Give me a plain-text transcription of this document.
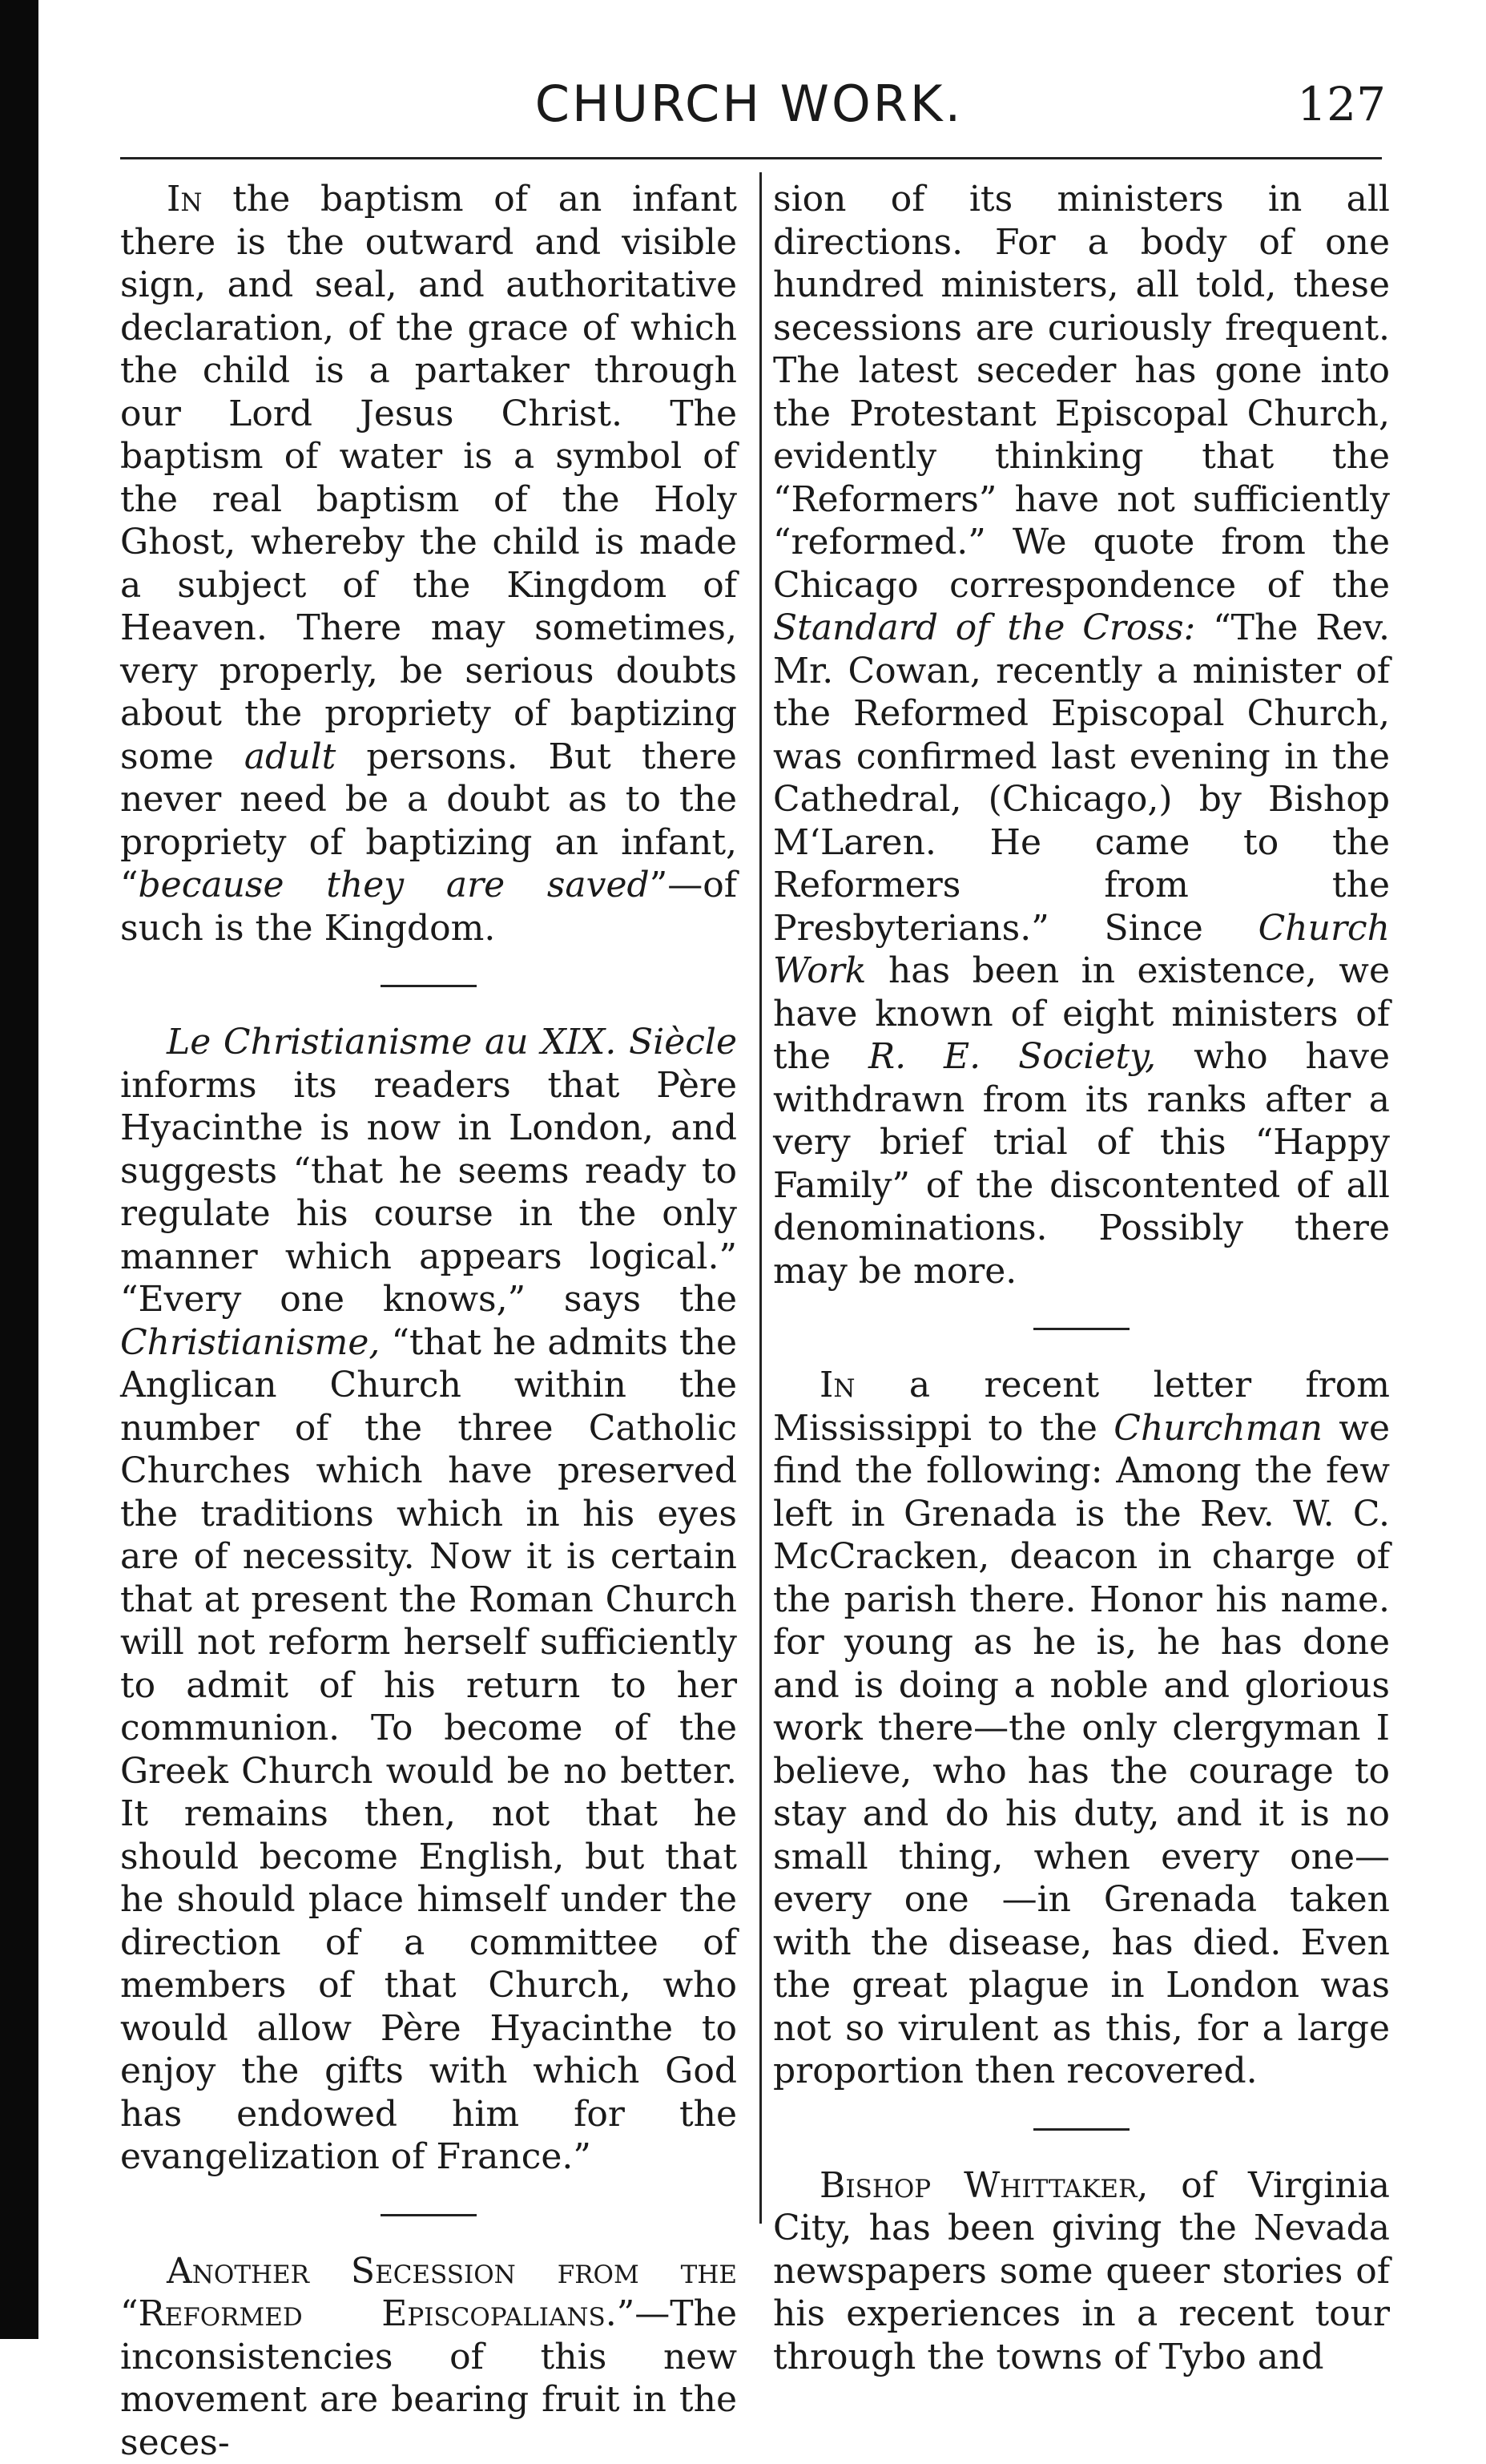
CHURCH WORK.	127

In the baptism of an infant there is the outward and visible sign, and seal, and authoritative declaration, of the grace of which the child is a partaker through our Lord Jesus Christ. The baptism of water is a symbol of the real baptism of the Holy Ghost, whereby the child is made a subject of the Kingdom of Heaven. There may sometimes, very properly, be serious doubts about the propriety of baptizing some adult persons. But there never need be a doubt as to the propriety of baptizing an infant, “because they are saved”—of such is the Kingdom.

Le Christianisme au XIX. Siècle informs its readers that Père Hyacinthe is now in London, and suggests “that he seems ready to regulate his course in the only manner which appears logical.” “Every one knows,” says the Christianisme, “that he admits the Anglican Church within the number of the three Catholic Churches which have preserved the traditions which in his eyes are of necessity. Now it is certain that at present the Roman Church will not reform herself sufficiently to admit of his return to her communion. To become of the Greek Church would be no better. It remains then, not that he should become English, but that he should place himself under the direction of a committee of members of that Church, who would allow Père Hyacinthe to enjoy the gifts with which God has endowed him for the evangelization of France.”

Another Secession from the “Reformed Episcopalians.”—The inconsistencies of this new movement are bearing fruit in the seces-

sion of its ministers in all directions. For a body of one hundred ministers, all told, these secessions are curiously frequent. The latest seceder has gone into the Protestant Episcopal Church, evidently thinking that the “Reformers” have not sufficiently “reformed.” We quote from the Chicago correspondence of the Standard of the Cross: “The Rev. Mr. Cowan, recently a minister of the Reformed Episcopal Church, was confirmed last evening in the Cathedral, (Chicago,) by Bishop M‘Laren. He came to the Reformers from the Presbyterians.” Since Church Work has been in existence, we have known of eight ministers of the R. E. Society, who have withdrawn from its ranks after a very brief trial of this “Happy Family” of the discontented of all denominations. Possibly there may be more.

In a recent letter from Mississippi to the Churchman we find the following: Among the few left in Grenada is the Rev. W. C. McCracken, deacon in charge of the parish there. Honor his name. for young as he is, he has done and is doing a noble and glorious work there—the only clergyman I believe, who has the courage to stay and do his duty, and it is no small thing, when every one—every one —in Grenada taken with the disease, has died. Even the great plague in London was not so virulent as this, for a large proportion then recovered.

Bishop Whittaker, of Virginia City, has been giving the Nevada newspapers some queer stories of his experiences in a recent tour through the towns of Tybo and
